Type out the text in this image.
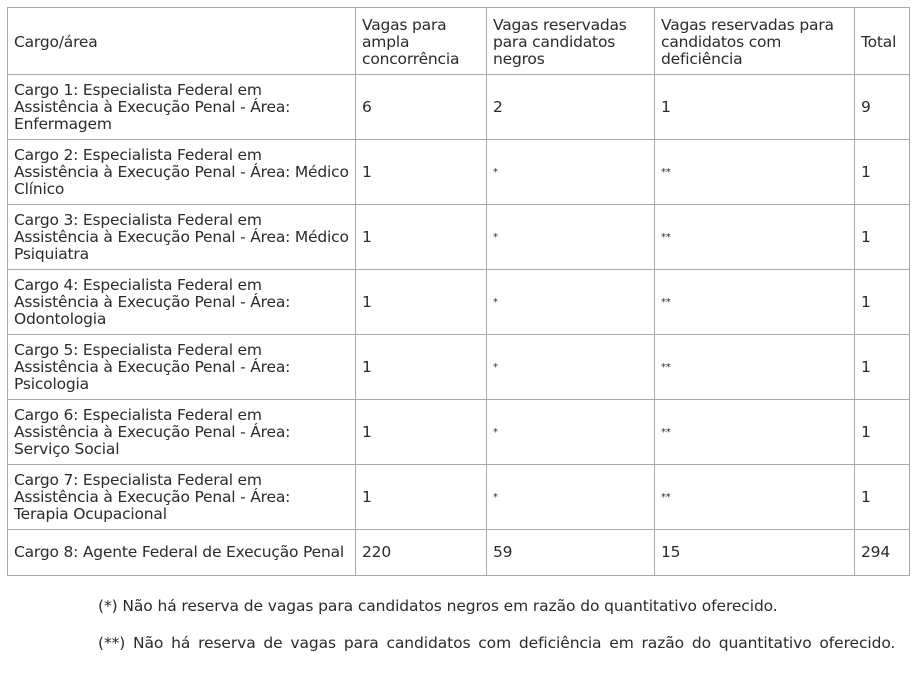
Cargo/área	Vagas para ampla concorrência	Vagas reservadas para candidatos negros	Vagas reservadas para candidatos com deficiência	Total
Cargo 1: Especialista Federal em Assistência à Execução Penal - Área: Enfermagem	6	2	1	9
Cargo 2: Especialista Federal em Assistência à Execução Penal - Área: Médico Clínico	1	*	**	1
Cargo 3: Especialista Federal em Assistência à Execução Penal - Área: Médico Psiquiatra	1	*	**	1
Cargo 4: Especialista Federal em Assistência à Execução Penal - Área: Odontologia	1	*	**	1
Cargo 5: Especialista Federal em Assistência à Execução Penal - Área: Psicologia	1	*	**	1
Cargo 6: Especialista Federal em Assistência à Execução Penal - Área: Serviço Social	1	*	**	1
Cargo 7: Especialista Federal em Assistência à Execução Penal - Área: Terapia Ocupacional	1	*	**	1
Cargo 8: Agente Federal de Execução Penal	220	59	15	294

(*) Não há reserva de vagas para candidatos negros em razão do quantitativo oferecido.

(**) Não há reserva de vagas para candidatos com deficiência em razão do quantitativo oferecido.
